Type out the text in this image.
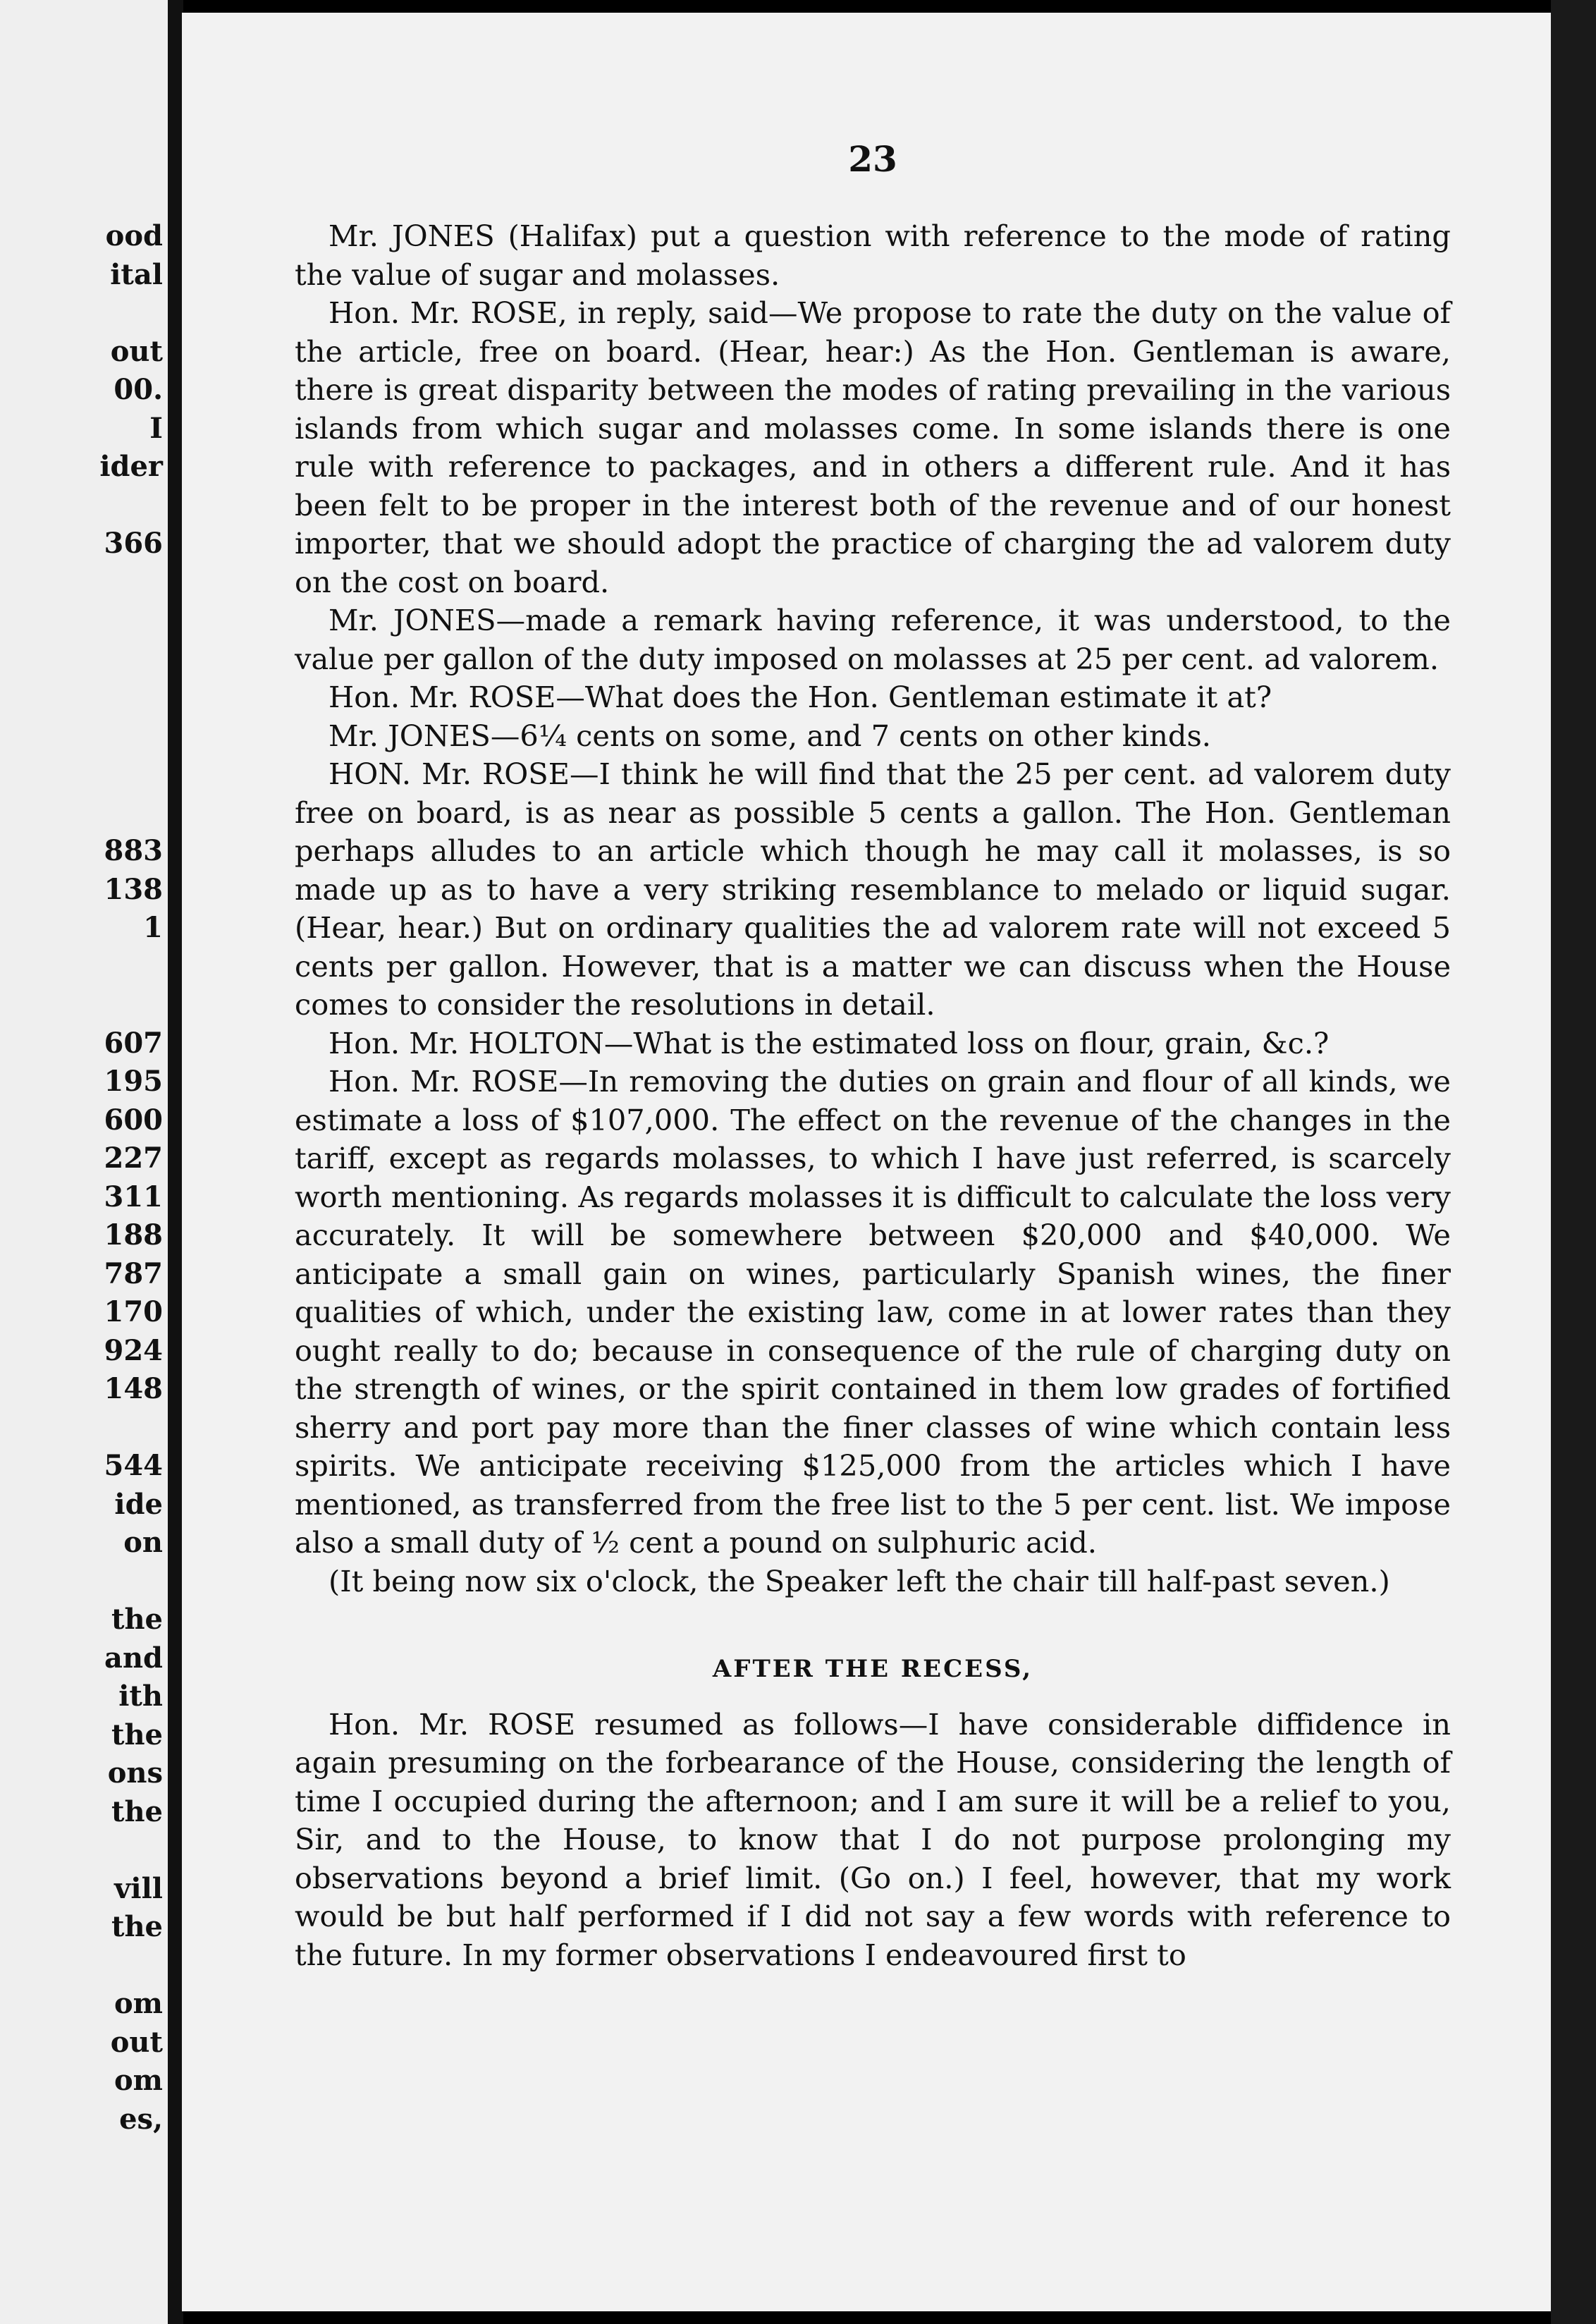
ood
ital
out
00.
I
ider
366
883
138
1
607
195
600
227
311
188
787
170
924
148
544
ide
on
the
and
ith
the
ons
the
vill
the
om
out
om
es,
23

Mr. JONES (Halifax) put a question with reference to the mode of rating the value of sugar and molasses.

Hon. Mr. ROSE, in reply, said—We propose to rate the duty on the value of the article, free on board. (Hear, hear:) As the Hon. Gentleman is aware, there is great disparity between the modes of rating prevailing in the various islands from which sugar and molasses come. In some islands there is one rule with reference to packages, and in others a different rule. And it has been felt to be proper in the interest both of the revenue and of our honest importer, that we should adopt the practice of charging the ad valorem duty on the cost on board.

Mr. JONES—made a remark having reference, it was understood, to the value per gallon of the duty imposed on molasses at 25 per cent. ad valorem.

Hon. Mr. ROSE—What does the Hon. Gentleman estimate it at?

Mr. JONES—6¼ cents on some, and 7 cents on other kinds.

HON. Mr. ROSE—I think he will find that the 25 per cent. ad valorem duty free on board, is as near as possible 5 cents a gallon. The Hon. Gentleman perhaps alludes to an article which though he may call it molasses, is so made up as to have a very striking resemblance to melado or liquid sugar. (Hear, hear.) But on ordinary qualities the ad valorem rate will not exceed 5 cents per gallon. However, that is a matter we can discuss when the House comes to consider the resolutions in detail.

Hon. Mr. HOLTON—What is the estimated loss on flour, grain, &c.?

Hon. Mr. ROSE—In removing the duties on grain and flour of all kinds, we estimate a loss of $107,000. The effect on the revenue of the changes in the tariff, except as regards molasses, to which I have just referred, is scarcely worth mentioning. As regards molasses it is difficult to calculate the loss very accurately. It will be somewhere between $20,000 and $40,000. We anticipate a small gain on wines, particularly Spanish wines, the finer qualities of which, under the existing law, come in at lower rates than they ought really to do; because in consequence of the rule of charging duty on the strength of wines, or the spirit contained in them low grades of fortified sherry and port pay more than the finer classes of wine which contain less spirits. We anticipate receiving $125,000 from the articles which I have mentioned, as transferred from the free list to the 5 per cent. list. We impose also a small duty of ½ cent a pound on sulphuric acid.

(It being now six o'clock, the Speaker left the chair till half-past seven.)

AFTER THE RECESS,

Hon. Mr. ROSE resumed as follows—I have considerable diffidence in again presuming on the forbearance of the House, considering the length of time I occupied during the afternoon; and I am sure it will be a relief to you, Sir, and to the House, to know that I do not purpose prolonging my observations beyond a brief limit. (Go on.) I feel, however, that my work would be but half performed if I did not say a few words with reference to the future. In my former observations I endeavoured first to
